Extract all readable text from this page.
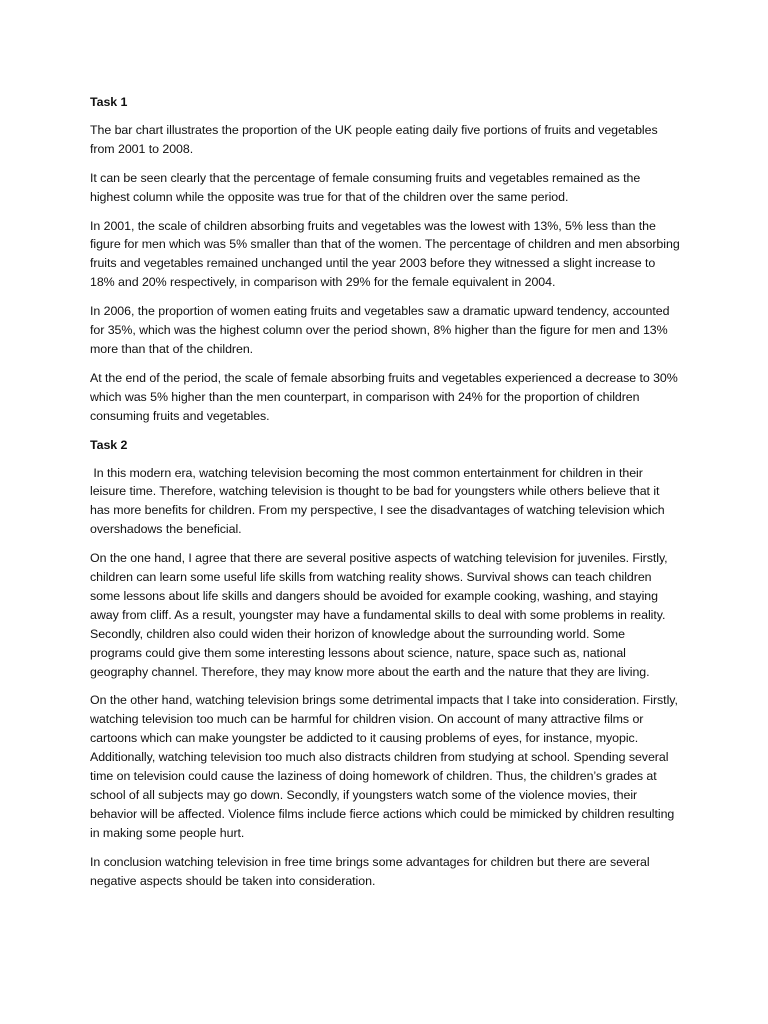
Task 1

The bar chart illustrates the proportion of the UK people eating daily five portions of fruits and vegetables from 2001 to 2008.

It can be seen clearly that the percentage of female consuming fruits and vegetables remained as the highest column while the opposite was true for that of the children over the same period.

In 2001, the scale of children absorbing fruits and vegetables was the lowest with 13%, 5% less than the figure for men which was 5% smaller than that of the women. The percentage of children and men absorbing fruits and vegetables remained unchanged until the year 2003 before they witnessed a slight increase to 18% and 20% respectively, in comparison with 29% for the female equivalent in 2004.

In 2006, the proportion of women eating fruits and vegetables saw a dramatic upward tendency, accounted for 35%, which was the highest column over the period shown, 8% higher than the figure for men and 13% more than that of the children.

At the end of the period, the scale of female absorbing fruits and vegetables experienced a decrease to 30% which was 5% higher than the men counterpart, in comparison with 24% for the proportion of children consuming fruits and vegetables.

Task 2

In this modern era, watching television becoming the most common entertainment for children in their leisure time. Therefore, watching television is thought to be bad for youngsters while others believe that it has more benefits for children. From my perspective, I see the disadvantages of watching television which overshadows the beneficial.

On the one hand, I agree that there are several positive aspects of watching television for juveniles. Firstly, children can learn some useful life skills from watching reality shows. Survival shows can teach children some lessons about life skills and dangers should be avoided for example cooking, washing, and staying away from cliff. As a result, youngster may have a fundamental skills to deal with some problems in reality. Secondly, children also could widen their horizon of knowledge about the surrounding world. Some programs could give them some interesting lessons about science, nature, space such as, national geography channel. Therefore, they may know more about the earth and the nature that they are living.

On the other hand, watching television brings some detrimental impacts that I take into consideration. Firstly, watching television too much can be harmful for children vision. On account of many attractive films or cartoons which can make youngster be addicted to it causing problems of eyes, for instance, myopic. Additionally, watching television too much also distracts children from studying at school. Spending several time on television could cause the laziness of doing homework of children. Thus, the children’s grades at school of all subjects may go down. Secondly, if youngsters watch some of the violence movies, their behavior will be affected. Violence films include fierce actions which could be mimicked by children resulting in making some people hurt.

In conclusion watching television in free time brings some advantages for children but there are several negative aspects should be taken into consideration.
